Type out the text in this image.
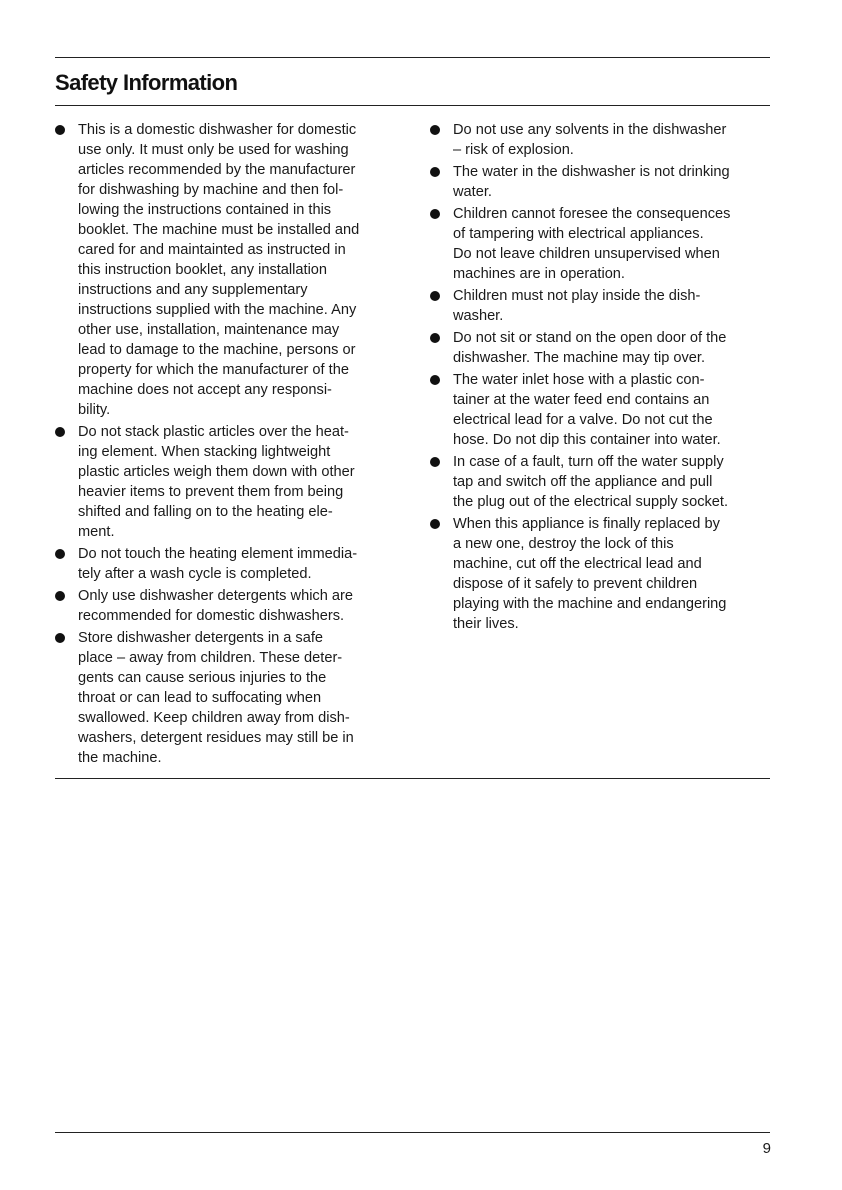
Safety Information
This is a domestic dishwasher for domestic
use only. It must only be used for washing
articles recommended by the manufacturer
for dishwashing by machine and then fol-
lowing the instructions contained in this
booklet. The machine must be installed and
cared for and maintainted as instructed in
this instruction booklet, any installation
instructions and any supplementary
instructions supplied with the machine. Any
other use, installation, maintenance may
lead to damage to the machine, persons or
property for which the manufacturer of the
machine does not accept any responsi-
bility.
Do not stack plastic articles over the heat-
ing element. When stacking lightweight
plastic articles weigh them down with other
heavier items to prevent them from being
shifted and falling on to the heating ele-
ment.
Do not touch the heating element immedia-
tely after a wash cycle is completed.
Only use dishwasher detergents which are
recommended for domestic dishwashers.
Store dishwasher detergents in a safe
place – away from children. These deter-
gents can cause serious injuries to the
throat or can lead to suffocating when
swallowed. Keep children away from dish-
washers, detergent residues may still be in
the machine.
Do not use any solvents in the dishwasher
– risk of explosion.
The water in the dishwasher is not drinking
water.
Children cannot foresee the consequences
of tampering with electrical appliances.
Do not leave children unsupervised when
machines are in operation.
Children must not play inside the dish-
washer.
Do not sit or stand on the open door of the
dishwasher. The machine may tip over.
The water inlet hose with a plastic con-
tainer at the water feed end contains an
electrical lead for a valve. Do not cut the
hose. Do not dip this container into water.
In case of a fault, turn off the water supply
tap and switch off the appliance and pull
the plug out of the electrical supply socket.
When this appliance is finally replaced by
a new one, destroy the lock of this
machine, cut off the electrical lead and
dispose of it safely to prevent children
playing with the machine and endangering
their lives.
9
